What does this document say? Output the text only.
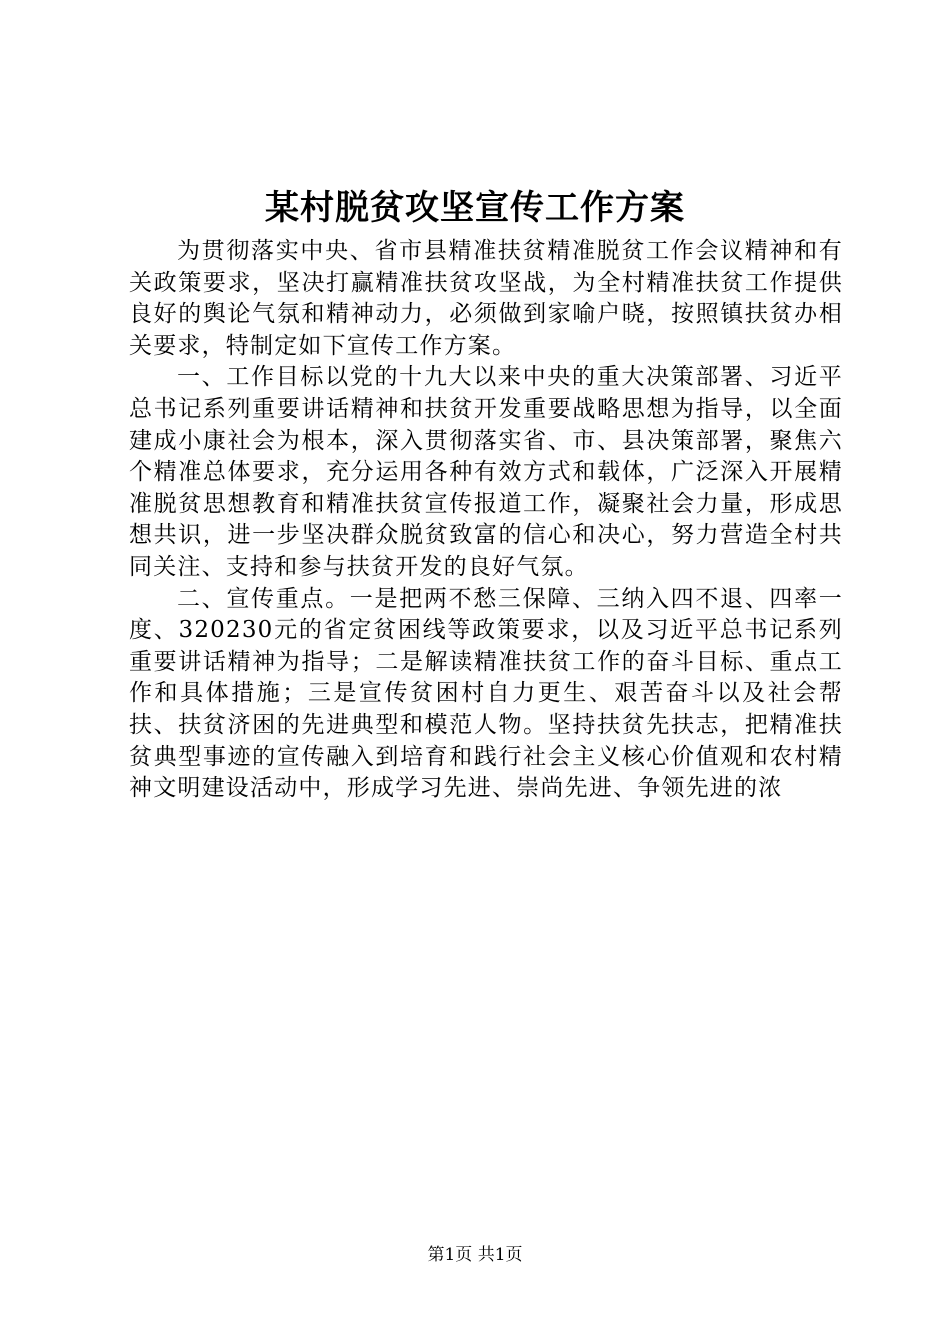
某村脱贫攻坚宣传工作方案

为贯彻落实中央、省市县精准扶贫精准脱贫工作会议精神和有关政策要求，坚决打赢精准扶贫攻坚战，为全村精准扶贫工作提供良好的舆论气氛和精神动力，必须做到家喻户晓，按照镇扶贫办相关要求，特制定如下宣传工作方案。

一、工作目标以党的十九大以来中央的重大决策部署、习近平总书记系列重要讲话精神和扶贫开发重要战略思想为指导，以全面建成小康社会为根本，深入贯彻落实省、市、县决策部署，聚焦六个精准总体要求，充分运用各种有效方式和载体，广泛深入开展精准脱贫思想教育和精准扶贫宣传报道工作，凝聚社会力量，形成思想共识，进一步坚决群众脱贫致富的信心和决心，努力营造全村共同关注、支持和参与扶贫开发的良好气氛。

二、宣传重点。一是把两不愁三保障、三纳入四不退、四率一度、320230元的省定贫困线等政策要求，以及习近平总书记系列重要讲话精神为指导；二是解读精准扶贫工作的奋斗目标、重点工作和具体措施；三是宣传贫困村自力更生、艰苦奋斗以及社会帮扶、扶贫济困的先进典型和模范人物。坚持扶贫先扶志，把精准扶贫典型事迹的宣传融入到培育和践行社会主义核心价值观和农村精神文明建设活动中，形成学习先进、崇尚先进、争领先进的浓

第1页 共1页
